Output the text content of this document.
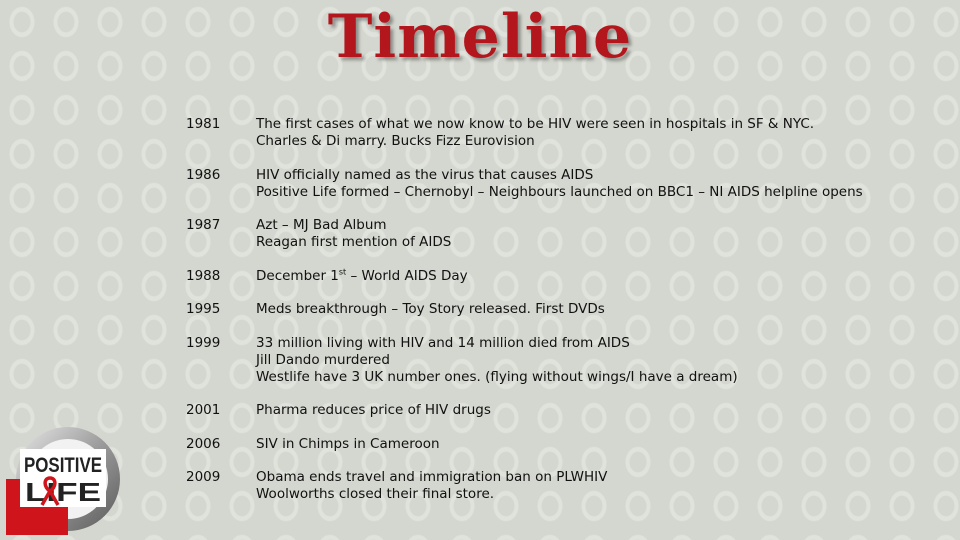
Timeline
1981	The first cases of what we now know to be HIV were seen in hospitals in SF & NYC.
Charles & Di marry. Bucks Fizz Eurovision
1986	HIV officially named as the virus that causes AIDS
Positive Life formed – Chernobyl – Neighbours launched on BBC1 – NI AIDS helpline opens
1987	Azt – MJ Bad Album
Reagan first mention of AIDS
1988	December 1st – World AIDS Day
1995	Meds breakthrough – Toy Story released. First DVDs
1999	33 million living with HIV and 14 million died from AIDS
Jill Dando murdered
Westlife have 3 UK number ones. (flying without wings/I have a dream)
2001	Pharma reduces price of HIV drugs
2006	SIV in Chimps in Cameroon
2009	Obama ends travel and immigration ban on PLWHIV
Woolworths closed their final store.
POSITIVE
LIFE
